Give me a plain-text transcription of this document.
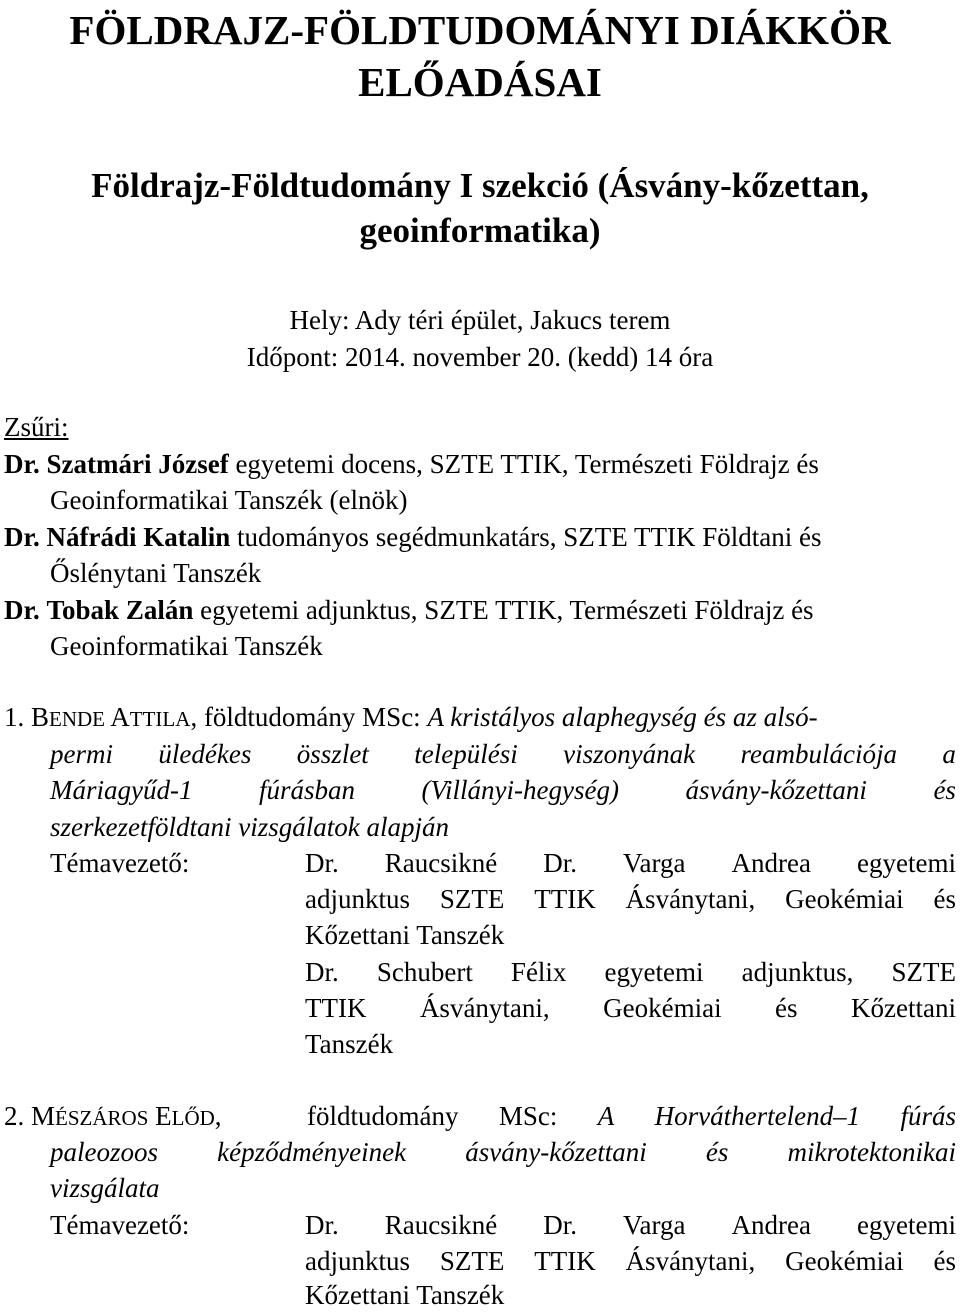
FÖLDRAJZ-FÖLDTUDOMÁNYI DIÁKKÖR
ELŐADÁSAI
Földrajz-Földtudomány I szekció (Ásvány-kőzettan,
geoinformatika)
Hely: Ady téri épület, Jakucs terem
Időpont: 2014. november 20. (kedd) 14 óra
Zsűri:
Dr. Szatmári József egyetemi docens, SZTE TTIK, Természeti Földrajz és
Geoinformatikai Tanszék (elnök)
Dr. Náfrádi Katalin tudományos segédmunkatárs, SZTE TTIK Földtani és
Őslénytani Tanszék
Dr. Tobak Zalán egyetemi adjunktus, SZTE TTIK, Természeti Földrajz és
Geoinformatikai Tanszék
1. BENDE ATTILA, földtudomány MSc: A kristályos alaphegység és az alsó-
permi üledékes összlet települési viszonyának reambulációja a
Máriagyűd-1 fúrásban (Villányi-hegység) ásvány-kőzettani és
szerkezetföldtani vizsgálatok alapján
Témavezető:	Dr. Raucsikné Dr. Varga Andrea egyetemi
adjunktus SZTE TTIK Ásványtani, Geokémiai és
Kőzettani Tanszék
Dr. Schubert Félix egyetemi adjunktus, SZTE
TTIK Ásványtani, Geokémiai és Kőzettani
Tanszék
2. MÉSZÁROS ELŐD,	földtudomány MSc: A Horváthertelend–1 fúrás
paleozoos képződményeinek ásvány-kőzettani és mikrotektonikai
vizsgálata
Témavezető:	Dr. Raucsikné Dr. Varga Andrea egyetemi
adjunktus SZTE TTIK Ásványtani, Geokémiai és
Kőzettani Tanszék
